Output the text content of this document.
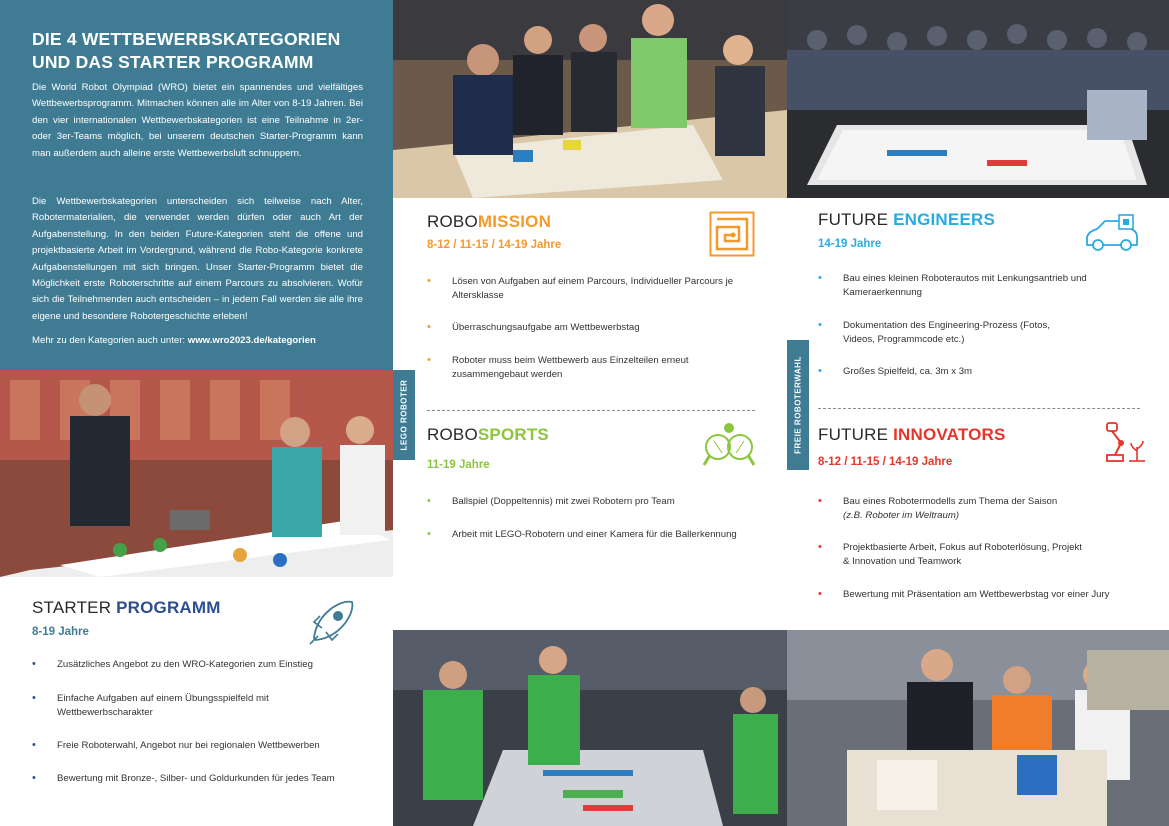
DIE 4 WETTBEWERBSKATEGORIEN
UND DAS STARTER PROGRAMM

Die World Robot Olympiad (WRO) bietet ein spannendes und vielfältiges Wettbewerbsprogramm. Mitmachen können alle im Alter von 8-19 Jahren. Bei den vier internationalen Wettbewerbskategorien ist eine Teilnahme in 2er- oder 3er-Teams möglich, bei unserem deutschen Starter-Programm kann man außerdem auch alleine erste Wettbewerbsluft schnuppern.

Die Wettbewerbskategorien unterscheiden sich teilweise nach Alter, Robotermaterialien, die verwendet werden dürfen oder auch Art der Aufgabenstellung. In den beiden Future-Kategorien steht die offene und projektbasierte Arbeit im Vordergrund, während die Robo-Kategorie konkrete Aufgabenstellungen mit sich bringen. Unser Starter-Programm bietet die Möglichkeit erste Roboterschritte auf einem Parcours zu absolvieren. Wofür sich die Teilnehmenden auch entscheiden – in jedem Fall werden sie alle ihre eigene und besondere Robotergeschichte erleben!

Mehr zu den Kategorien auch unter: www.wro2023.de/kategorien
LEGO ROBOTER	FREIE ROBOTERWAHL
ROBOMISSION
8-12 / 11-15 / 14-19 Jahre
• Lösen von Aufgaben auf einem Parcours, Individueller Parcours je Altersklasse
• Überraschungsaufgabe am Wettbewerbstag
• Roboter muss beim Wettbewerb aus Einzelteilen erneut zusammengebaut werden
ROBOSPORTS
11-19 Jahre
• Ballspiel (Doppeltennis) mit zwei Robotern pro Team
• Arbeit mit LEGO-Robotern und einer Kamera für die Ballerkennung
FUTURE ENGINEERS
14-19 Jahre
• Bau eines kleinen Roboterautos mit Lenkungsantrieb und Kameraerkennung
• Dokumentation des Engineering-Prozess (Fotos, Videos, Programmcode etc.)
• Großes Spielfeld, ca. 3m x 3m
FUTURE INNOVATORS
8-12 / 11-15 / 14-19 Jahre
• Bau eines Robotermodells zum Thema der Saison
(z.B. Roboter im Weltraum)
• Projektbasierte Arbeit, Fokus auf Roboterlösung, Projekt & Innovation und Teamwork
• Bewertung mit Präsentation am Wettbewerbstag vor einer Jury
STARTER PROGRAMM
8-19 Jahre
• Zusätzliches Angebot zu den WRO-Kategorien zum Einstieg
• Einfache Aufgaben auf einem Übungsspielfeld mit Wettbewerbscharakter
• Freie Roboterwahl, Angebot nur bei regionalen Wettbewerben
• Bewertung mit Bronze-, Silber- und Goldurkunden für jedes Team
